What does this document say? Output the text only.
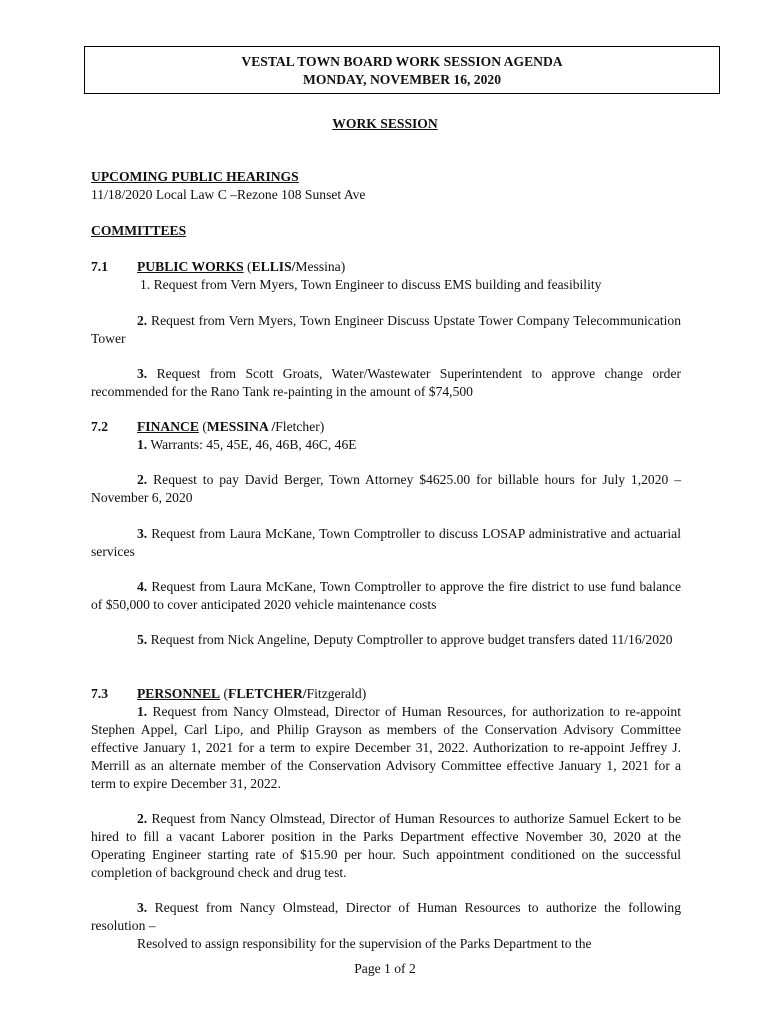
VESTAL TOWN BOARD WORK SESSION AGENDA
MONDAY, NOVEMBER 16, 2020
WORK SESSION
UPCOMING PUBLIC HEARINGS
11/18/2020 Local Law C –Rezone 108 Sunset Ave
COMMITTEES
7.1 PUBLIC WORKS (ELLIS/Messina)
1. Request from Vern Myers, Town Engineer to discuss EMS building and feasibility
2. Request from Vern Myers, Town Engineer Discuss Upstate Tower Company Telecommunication Tower
3. Request from Scott Groats, Water/Wastewater Superintendent to approve change order recommended for the Rano Tank re-painting in the amount of $74,500
7.2 FINANCE (MESSINA /Fletcher)
1. Warrants: 45, 45E, 46, 46B, 46C, 46E
2. Request to pay David Berger, Town Attorney $4625.00 for billable hours for July 1,2020 – November 6, 2020
3. Request from Laura McKane, Town Comptroller to discuss LOSAP administrative and actuarial services
4. Request from Laura McKane, Town Comptroller to approve the fire district to use fund balance of $50,000 to cover anticipated 2020 vehicle maintenance costs
5. Request from Nick Angeline, Deputy Comptroller to approve budget transfers dated 11/16/2020
7.3 PERSONNEL (FLETCHER/Fitzgerald)
1. Request from Nancy Olmstead, Director of Human Resources, for authorization to re-appoint Stephen Appel, Carl Lipo, and Philip Grayson as members of the Conservation Advisory Committee effective January 1, 2021 for a term to expire December 31, 2022. Authorization to re-appoint Jeffrey J. Merrill as an alternate member of the Conservation Advisory Committee effective January 1, 2021 for a term to expire December 31, 2022.
2. Request from Nancy Olmstead, Director of Human Resources to authorize Samuel Eckert to be hired to fill a vacant Laborer position in the Parks Department effective November 30, 2020 at the Operating Engineer starting rate of $15.90 per hour. Such appointment conditioned on the successful completion of background check and drug test.
3. Request from Nancy Olmstead, Director of Human Resources to authorize the following resolution –
Resolved to assign responsibility for the supervision of the Parks Department to the
Page 1 of 2
